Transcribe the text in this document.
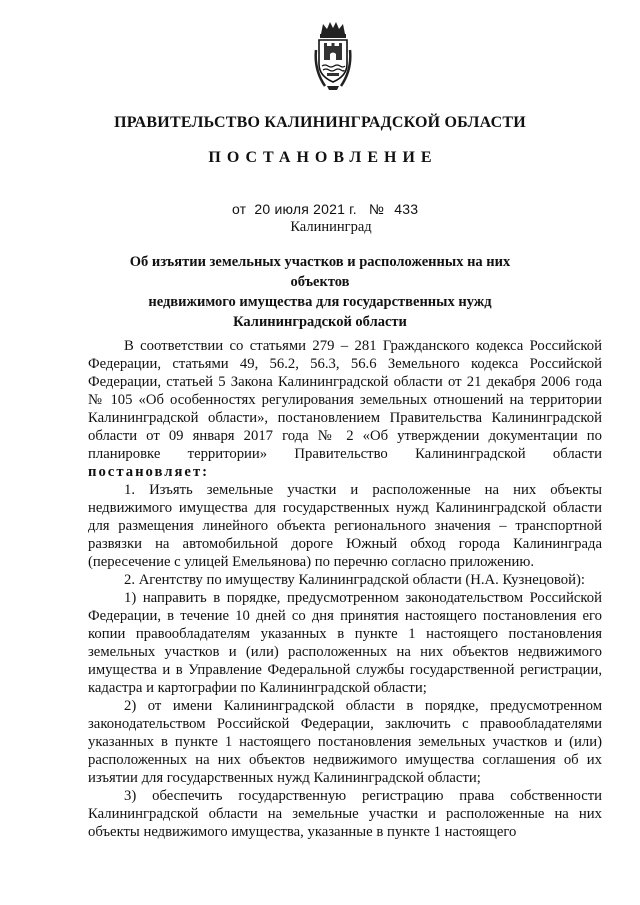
ПРАВИТЕЛЬСТВО КАЛИНИНГРАДСКОЙ ОБЛАСТИ
ПОСТАНОВЛЕНИЕ
от 20 июля 2021 г. № 433
Калининград
Об изъятии земельных участков и расположенных на них объектов
недвижимого имущества для государственных нужд
Калининградской области

В соответствии со статьями 279 – 281 Гражданского кодекса Российской Федерации, статьями 49, 56.2, 56.3, 56.6 Земельного кодекса Российской Федерации, статьей 5 Закона Калининградской области от 21 декабря 2006 года № 105 «Об особенностях регулирования земельных отношений на территории Калининградской области», постановлением Правительства Калининградской области от 09 января 2017 года № 2 «Об утверждении документации по планировке территории» Правительство Калининградской области постановляет:

1. Изъять земельные участки и расположенные на них объекты недвижимого имущества для государственных нужд Калининградской области для размещения линейного объекта регионального значения – транспортной развязки на автомобильной дороге Южный обход города Калининграда (пересечение с улицей Емельянова) по перечню согласно приложению.

2. Агентству по имуществу Калининградской области (Н.А. Кузнецовой):

1) направить в порядке, предусмотренном законодательством Российской Федерации, в течение 10 дней со дня принятия настоящего постановления его копии правообладателям указанных в пункте 1 настоящего постановления земельных участков и (или) расположенных на них объектов недвижимого имущества и в Управление Федеральной службы государственной регистрации, кадастра и картографии по Калининградской области;

2) от имени Калининградской области в порядке, предусмотренном законодательством Российской Федерации, заключить с правообладателями указанных в пункте 1 настоящего постановления земельных участков и (или) расположенных на них объектов недвижимого имущества соглашения об их изъятии для государственных нужд Калининградской области;

3) обеспечить государственную регистрацию права собственности Калининградской области на земельные участки и расположенные на них объекты недвижимого имущества, указанные в пункте 1 настоящего
